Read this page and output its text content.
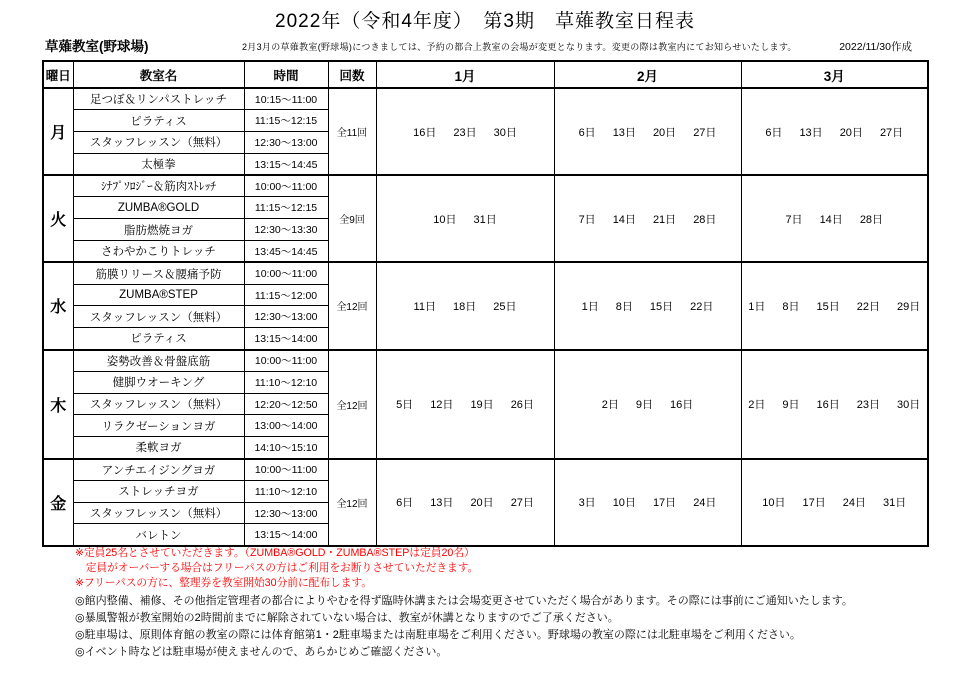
2022年（令和4年度）　第3期　草薙教室日程表
草薙教室(野球場)	2月3月の草薙教室(野球場)につきましては、予約の都合上教室の会場が変更となります。変更の際は教室内にてお知らせいたします。	2022/11/30作成
曜日	教室名	時間	回数	1月	2月	3月
月	足つぼ＆リンパストレッチ	10:15～11:00	全11回	16日 23日 30日	6日 13日 20日 27日	6日 13日 20日 27日

	ピラティス	11:15～12:15				
	スタッフレッスン（無料）	12:30～13:00				
	太極拳	13:15～14:45				
火	ｼﾅﾌﾟｿﾛｼﾞｰ＆筋肉ｽﾄﾚｯﾁ	10:00～11:00	全9回	10日 31日	7日 14日 21日 28日	7日 14日 28日

	ZUMBA®GOLD	11:15～12:15				
	脂肪燃焼ヨガ	12:30～13:30				
	さわやかこりトレッチ	13:45～14:45				
水	筋膜リリース＆腰痛予防	10:00～11:00	全12回	11日 18日 25日	1日 8日 15日 22日	1日 8日 15日 22日 29日

	ZUMBA®STEP	11:15～12:00				
	スタッフレッスン（無料）	12:30～13:00				
	ピラティス	13:15～14:00				
木	姿勢改善＆骨盤底筋	10:00～11:00	全12回	5日 12日 19日 26日	2日 9日 16日	2日 9日 16日 23日 30日

	健脚ウオーキング	11:10～12:10				
	スタッフレッスン（無料）	12:20～12:50				
	リラクゼーションヨガ	13:00～14:00				
	柔軟ヨガ	14:10～15:10				
金	アンチエイジングヨガ	10:00～11:00	全12回	6日 13日 20日 27日	3日 10日 17日 24日	10日 17日 24日 31日

	ストレッチヨガ	11:10～12:10				
	スタッフレッスン（無料）	12:30～13:00				
	バレトン	13:15～14:00				
※定員25名とさせていただきます。（ZUMBA®GOLD・ZUMBA®STEPは定員20名）
　定員がオーバーする場合はフリーパスの方はご利用をお断りさせていただきます。
※フリーパスの方に、整理券を教室開始30分前に配布します。
◎館内整備、補修、その他指定管理者の都合によりやむを得ず臨時休講または会場変更させていただく場合があります。その際には事前にご通知いたします。
◎暴風警報が教室開始の2時間前までに解除されていない場合は、教室が休講となりますのでご了承ください。
◎駐車場は、原則体育館の教室の際には体育館第1・2駐車場または南駐車場をご利用ください。野球場の教室の際には北駐車場をご利用ください。
◎イベント時などは駐車場が使えませんので、あらかじめご確認ください。
